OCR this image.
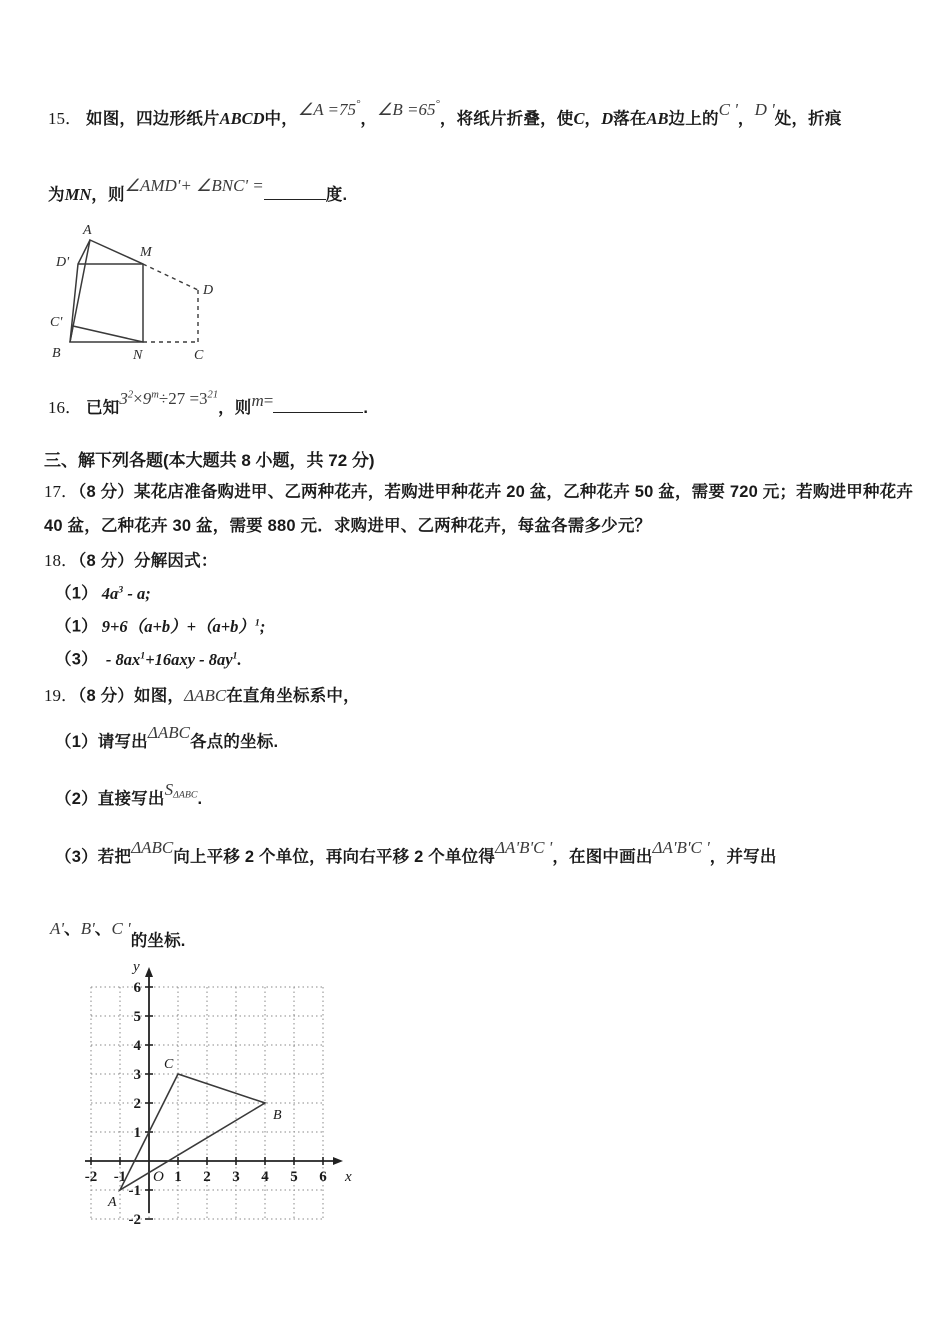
15． 如图，四边形纸片ABCD中，∠A =75°，∠B =65°，将纸片折叠，使C，D落在AB边上的C '，D '处，折痕
为MN，则∠AMD'+ ∠BNC' =	度.
A
M
D'
D
C'
B	N	C
16． 已知$3^2\times 9^m\div 27 =3^{21}$，则m=	.
三、解下列各题(本大题共 8 小题，共 72 分)
17．（8 分）某花店准备购进甲、乙两种花卉，若购进甲种花卉 20 盆，乙种花卉 50 盆，需要 720 元；若购进甲种花卉
40 盆，乙种花卉 30 盆，需要 880 元．求购进甲、乙两种花卉，每盆各需多少元？
18．（8 分）分解因式：
（1） $4a^3$ - a;
（1） $9+6(a+b)+(a+b)^1$;
$(3) - 8ax^1+16axy - 8ay^1$.
19．（8 分）如图，ΔABC在直角坐标系中，
（1）请写出ΔABC各点的坐标.
（2）直接写出$S_{\Delta ABC}$.
（3）若把ΔABC向上平移 2 个单位，再向右平移 2 个单位得ΔA'B'C '，在图中画出ΔA'B'C '，并写出
A'、B'、C '的坐标.
-2 -1	1 2 3 4 5 6
6
5
4
3
2
1
-1
-2
O	x
y
A
B
C
